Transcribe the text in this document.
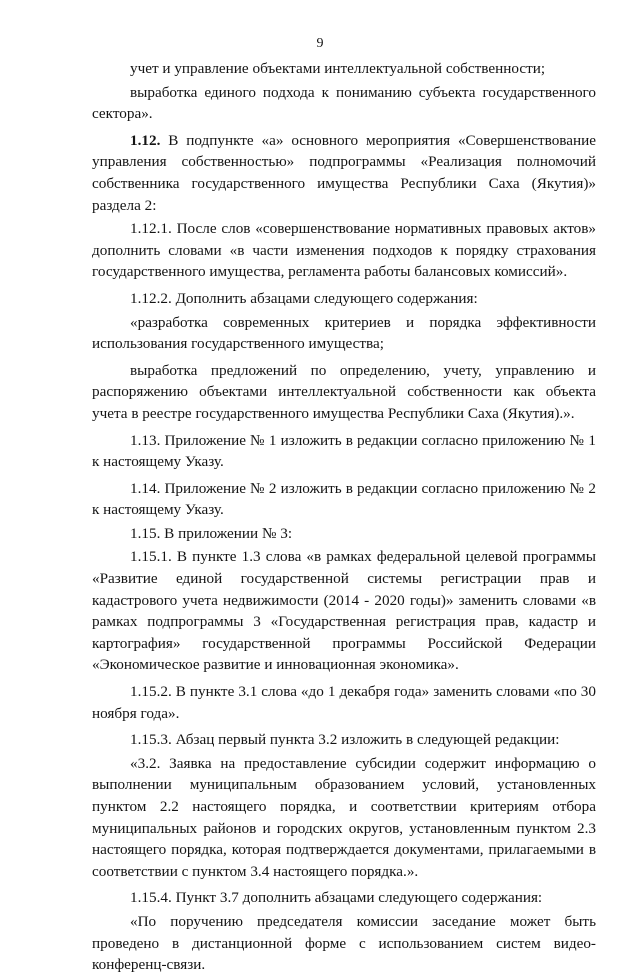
9

учет и управление объектами интеллектуальной собственности;

выработка единого подхода к пониманию субъекта государственного сектора».

1.12. В подпункте «а» основного мероприятия «Совершенствование управления собственностью» подпрограммы «Реализация полномочий собственника государственного имущества Республики Саха (Якутия)» раздела 2:

1.12.1. После слов «совершенствование нормативных правовых актов» дополнить словами «в части изменения подходов к порядку страхования государственного имущества, регламента работы балансовых комиссий».

1.12.2. Дополнить абзацами следующего содержания:

«разработка современных критериев и порядка эффективности использования государственного имущества;

выработка предложений по определению, учету, управлению и распоряжению объектами интеллектуальной собственности как объекта учета в реестре государственного имущества Республики Саха (Якутия).».

1.13. Приложение № 1 изложить в редакции согласно приложению № 1 к настоящему Указу.

1.14. Приложение № 2 изложить в редакции согласно приложению № 2 к настоящему Указу.

1.15. В приложении № 3:

1.15.1. В пункте 1.3 слова «в рамках федеральной целевой программы «Развитие единой государственной системы регистрации прав и кадастрового учета недвижимости (2014 - 2020 годы)» заменить словами «в рамках подпрограммы 3 «Государственная регистрация прав, кадастр и картография» государственной программы Российской Федерации «Экономическое развитие и инновационная экономика».

1.15.2. В пункте 3.1 слова «до 1 декабря года» заменить словами «по 30 ноября года».

1.15.3. Абзац первый пункта 3.2 изложить в следующей редакции:

«3.2. Заявка на предоставление субсидии содержит информацию о выполнении муниципальным образованием условий, установленных пунктом 2.2 настоящего порядка, и соответствии критериям отбора муниципальных районов и городских округов, установленным пунктом 2.3 настоящего порядка, которая подтверждается документами, прилагаемыми в соответствии с пунктом 3.4 настоящего порядка.».

1.15.4. Пункт 3.7 дополнить абзацами следующего содержания:

«По поручению председателя комиссии заседание может быть проведено в дистанционной форме с использованием систем видео-конференц-связи.
